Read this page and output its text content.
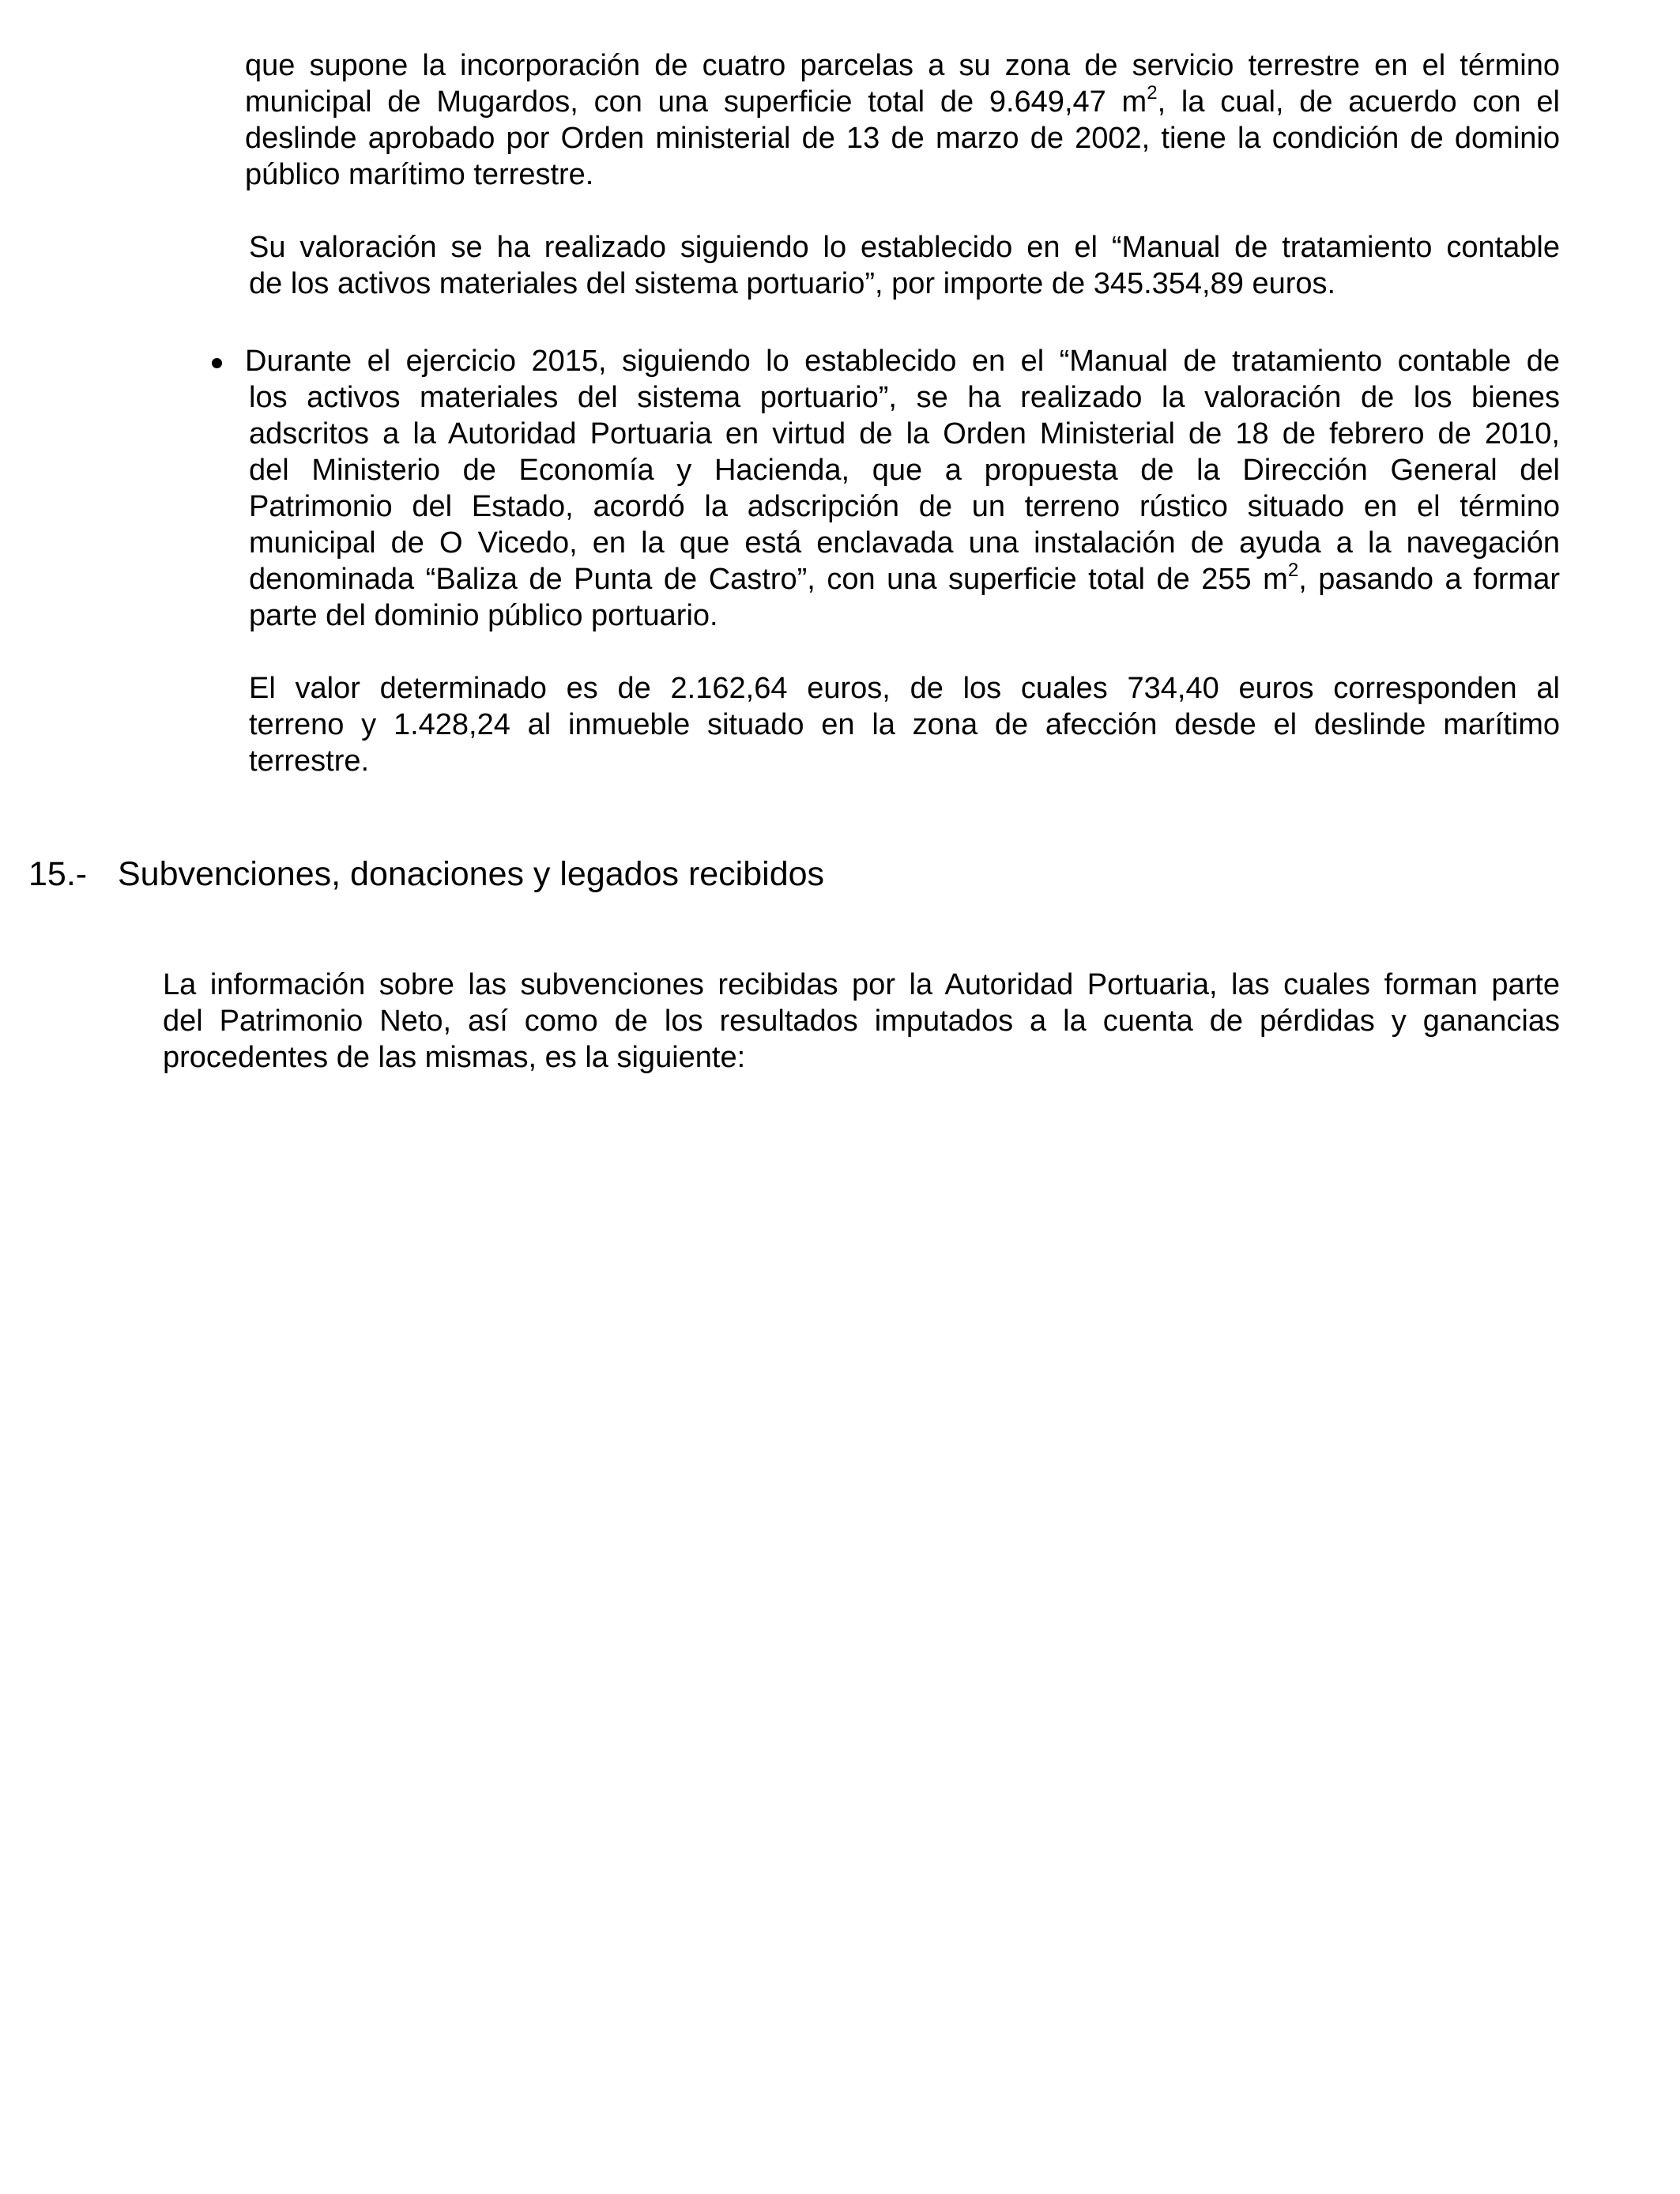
que supone la incorporación de cuatro parcelas a su zona de servicio terrestre en el término
municipal de Mugardos, con una superficie total de 9.649,47 $m^2$, la cual, de acuerdo con el
deslinde aprobado por Orden ministerial de 13 de marzo de 2002, tiene la condición de dominio
público marítimo terrestre.
Su valoración se ha realizado siguiendo lo establecido en el “Manual de tratamiento contable
de los activos materiales del sistema portuario”, por importe de 345.354,89 euros.
Durante el ejercicio 2015, siguiendo lo establecido en el “Manual de tratamiento contable de
los activos materiales del sistema portuario”, se ha realizado la valoración de los bienes
adscritos a la Autoridad Portuaria en virtud de la Orden Ministerial de 18 de febrero de 2010,
del Ministerio de Economía y Hacienda, que a propuesta de la Dirección General del
Patrimonio del Estado, acordó la adscripción de un terreno rústico situado en el término
municipal de O Vicedo, en la que está enclavada una instalación de ayuda a la navegación
denominada “Baliza de Punta de Castro”, con una superficie total de 255 $m^2$, pasando a formar
parte del dominio público portuario.
El valor determinado es de 2.162,64 euros, de los cuales 734,40 euros corresponden al
terreno y 1.428,24 al inmueble situado en la zona de afección desde el deslinde marítimo
terrestre.
15.- Subvenciones, donaciones y legados recibidos
La información sobre las subvenciones recibidas por la Autoridad Portuaria, las cuales forman parte
del Patrimonio Neto, así como de los resultados imputados a la cuenta de pérdidas y ganancias
procedentes de las mismas, es la siguiente:
